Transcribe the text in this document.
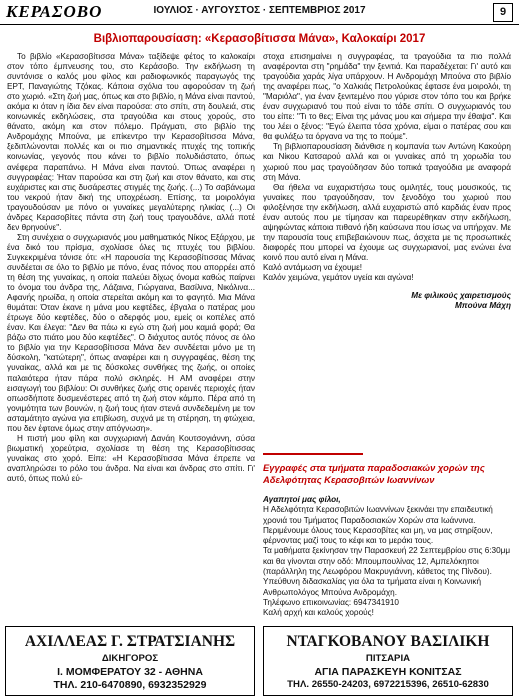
ΚΕΡΑΣΟΒΟ	ΙΟΥΛΙΟΣ · ΑΥΓΟΥΣΤΟΣ · ΣΕΠΤΕΜΒΡΙΟΣ 2017	9
Βιβλιοπαρουσίαση: «Κερασοβίτισσα Μάνα», Καλοκαίρι 2017

Το βιβλίο «Κερασοβίτισσα Μάνα» ταξίδεψε φέτος το καλοκαίρι στον τόπο έμπνευσης του, στο Κεράσοβο. Την εκδήλωση τη συντόνισε ο καλός μου φίλος και ραδιοφωνικός παραγωγός της ΕΡΤ, Παναγιώτης Τζόκας. Κάποια σχόλια του αφορούσαν τη ζωή στο χωριό. «Στη ζωή μας, όπως και στο βιβλίο, η Μάνα είναι παντού, ακόμα κι όταν η ίδια δεν είναι παρούσα: στο σπίτι, στη δουλειά, στις κοινωνικές εκδηλώσεις, στα τραγούδια και στους χορούς, στο θάνατο, ακόμη και στον πόλεμο. Πράγματι, στο βιβλίο της Ανδρομάχης Μπούνα, με επίκεντρο την Κερασοβίτισσα Μάνα, ξεδιπλώνονται πολλές και οι πιο σημαντικές πτυχές της τοπικής κοινωνίας, γεγονός που κάνει το βιβλίο πολυδιάστατο, όπως ανέφερα παραπάνω. Η Μάνα είναι παντού. Όπως αναφέρει η συγγραφέας: Ήταν παρούσα και στη ζωή και στον θάνατο, και στις ευχάριστες και στις δυσάρεστες στιγμές της ζωής. (...) Το σαβάνωμα του νεκρού ήταν δική της υποχρέωση. Επίσης, τα μοιρολόγια τραγουδούσαν με πόνο οι γυναίκες μεγαλύτερης ηλικίας (...) Οι άνδρες Κερασοβίτες πάντα στη ζωή τους τραγουδάνε, αλλά ποτέ δεν θρηνούνε".

Στη συνέχεια ο συγχωριανός μου μαθηματικός Νίκος Εξάρχου, με ένα δικό του πρίσμα, σχολίασε όλες τις πτυχές του βιβλίου. Συγκεκριμένα τόνισε ότι: «Η παρουσία της Κερασοβίτισσας Μάνας συνδέεται σε όλο το βιβλίο με πόνο, ένας πόνος που απορρέει από τη θέση της γυναίκας, η οποία παλεύει δίχως όνομα καθώς παίρνει το όνομα του άνδρα της, Λάζαινα, Γιώργαινα, Βασίλινα, Νικόλινα... Αφανής ηρωίδα, η οποία στερείται ακόμη και το φαγητό. Μια Μάνα θυμάται: Όταν έκανε η μάνα μου κεφτέδες, έβγαλα ο πατέρας μου έτρωγε δύο κεφτέδες, δύο ο αδερφός μου, εμείς οι κοπέλες από έναν. Και έλεγα: "Δεν θα πάω κι εγώ στη ζωή μου καμιά φορά; Θα βάζω στο πιάτο μου δύο κεφτέδες". Ο διάχυτος αυτός πόνος σε όλο το βιβλίο για την Κερασοβίτισσα Μάνα δεν συνδέεται μόνο με τη δύσκολη, "κατώτερη", όπως αναφέρει και η συγγραφέας, θέση της γυναίκας, αλλά και με τις δύσκολες συνθήκες της ζωής, οι οποίες παλαιότερα ήταν πάρα πολύ σκληρές. Η ΑΜ αναφέρει στην εισαγωγή του βιβλίου: Οι συνθήκες ζωής στις ορεινές περιοχές ήταν οπωσδήποτε δυσμενέστερες από τη ζωή στον κάμπο. Πέρα από τη γονιμότητα των βουνών, η ζωή τους ήταν στενά συνδεδεμένη με τον ασταμάτητο αγώνα για επιβίωση, συχνά με τη στέρηση, τη φτώχεια, που δεν έφτανε όμως στην απόγνωση».

Η πιστή μου φίλη και συγχωριανή Δανάη Κουτσογιάννη, σύσα βιωματική χορεύτρια, σχολίασε τη θέση της Κερασοβίτισσας γυναίκας στο χορό. Είπε: «Η Κερασοβίτισσα Μάνα έπρεπε να αναπληρώσει το ρόλο του άνδρα. Να είναι και άνδρας στο σπίτι. Γι' αυτό, όπως πολύ εύ-

στοχα επισημαίνει η συγγραφέας, τα τραγούδια τα πιο πολλά αναφέρονται στη "ρημάδα" την ξενιτιά. Και παραδέχεται: Γι' αυτό και τραγούδια χαράς λίγα υπάρχουν. Η Ανδρομάχη Μπούνα στο βιβλίο της αναφέρει πως, "ο Χαλκιάς Πετρολούκας έφτασε ένα μοιρολόι, τη "Μαριόλα", για έναν ξενιτεμένο που γύρισε στον τόπο του και βρήκε έναν συγχωριανό του πού είναι το τάδε σπίτι. Ο συγχωριανός του του είπε: "Τι το θες; Είναι της μάνας μου και σήμερα την έθαψα". Και του λέει ο ξένος: "Εγώ έλειπα τόσα χρόνια, είμαι ο πατέρας σου και θα φυλάξω τα όργανα να της το πούμε".

Τη βιβλιοπαρουσίαση διάνθισε η κομπανία των Αντώνη Κακούρη και Νίκου Κατσαρού αλλά και οι γυναίκες από τη χορωδία του χωριού που μας τραγούδησαν δύο τοπικά τραγούδια με αναφορά στη Μάνα.

Θα ήθελα να ευχαριστήσω τους ομιλητές, τους μουσικούς, τις γυναίκες που τραγούδησαν, τον ξενοδόχο του χωριού που φιλοξένησε την εκδήλωση, αλλά ευχαριστώ από καρδιάς έναν προς έναν αυτούς που με τίμησαν και παρευρέθηκαν στην εκδήλωση, αψηφώντας κάποια πιθανό ήδη καύσωνα που ίσως να υπήρχαν. Με την παρουσία τους επιβεβαιώνουν πως, άσχετα με τις προσωπικές διαφορές που μπορεί να έχουμε ως συγχωριανοί, μας ενώνει ένα κοινό που αυτό είναι η Μάνα.

Καλό αντάμωση να έχουμε!

Καλόν χειμώνα, γεμάτον υγεία και αγώνα!

Με φιλικούς χαιρετισμούς
Μπούνα Μάχη
Εγγραφές στα τμήματα παραδοσιακών χορών της Αδελφότητας Κερασοβιτών Ιωαννίνων

Αγαπητοί μας φίλοι,

Η Αδελφότητα Κερασοβιτών Ιωαννίνων ξεκινάει την επαιδευτική χρονιά του Τμήματος Παραδοσιακών Χορών στα Ιωάννινα.

Περιμένουμε όλους τους Κερασοβίτες και μη, να μας στηρίξουν, φέρνοντας μαζί τους το κέφι και το μεράκι τους.

Τα μαθήματα ξεκίνησαν την Παρασκευή 22 Σεπτεμβρίου στις 6:30μμ και θα γίνονται στην οδό: Μπουμπουλίνας 12, Αμπελόκηποι (παράλληλη της Λεωφόρου Μακρυγιάννη, κάθετος της Πίνδου).

Υπεύθυνη διδασκαλίας για όλα τα τμήματα είναι η Κοινωνική Ανθρωπολόγος Μπούνα Ανδρομάχη.

Τηλέφωνο επικοινωνίας: 6947341910

Καλή αρχή και καλούς χορούς!

ΑΧΙΛΛΕΑΣ Γ. ΣΤΡΑΤΣΙΑΝΗΣ
ΔΙΚΗΓΟΡΟΣ
Ι. ΜΟΜΦΕΡΑΤΟΥ 32 - ΑΘΗΝΑ
ΤΗΛ. 210-6470890, 6932352929
ΝΤΑΓΚΟΒΑΝΟΥ ΒΑΣΙΛΙΚΗ
ΠΙΤΣΑΡΙΑ
ΑΓΙΑ ΠΑΡΑΣΚΕΥΗ ΚΟΝΙΤΣΑΣ
ΤΗΛ. 26550-24203, 6972215396, 26510-62830
